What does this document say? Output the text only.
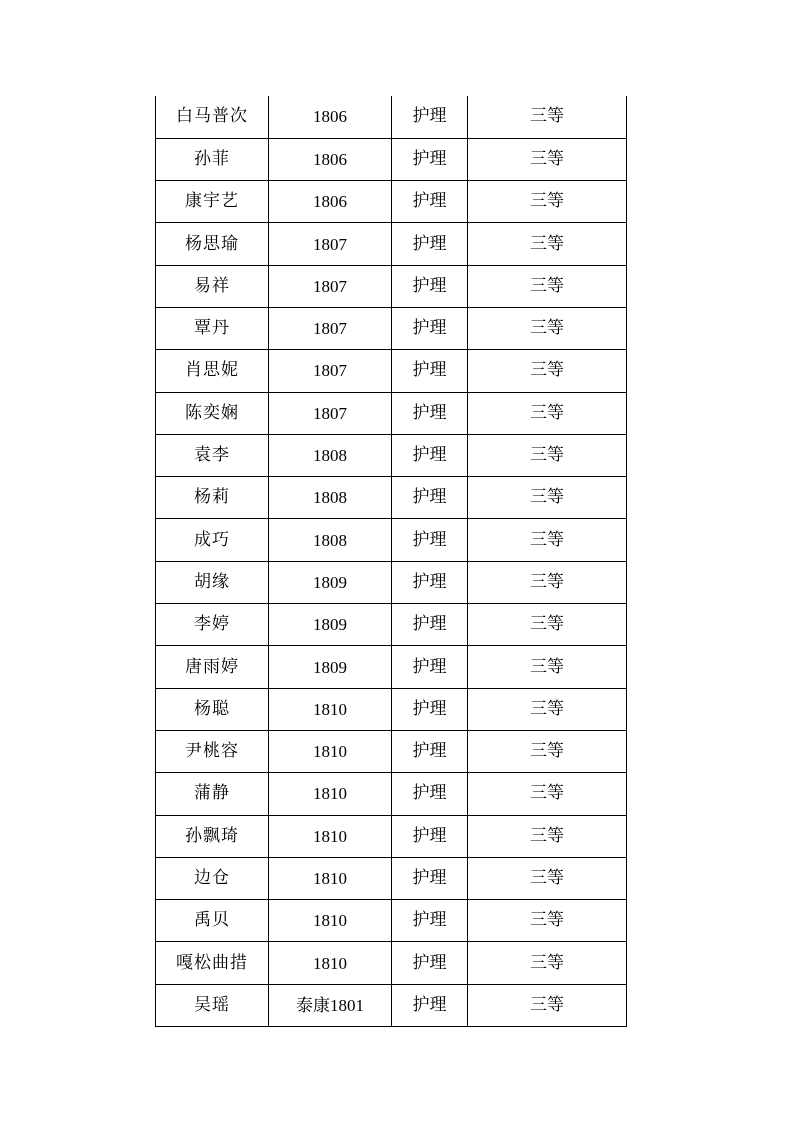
白马普次	1806	护理	三等
孙菲	1806	护理	三等
康宇艺	1806	护理	三等
杨思瑜	1807	护理	三等
易祥	1807	护理	三等
覃丹	1807	护理	三等
肖思妮	1807	护理	三等
陈奕娴	1807	护理	三等
袁李	1808	护理	三等
杨莉	1808	护理	三等
成巧	1808	护理	三等
胡缘	1809	护理	三等
李婷	1809	护理	三等
唐雨婷	1809	护理	三等
杨聪	1810	护理	三等
尹桃容	1810	护理	三等
蒲静	1810	护理	三等
孙飘琦	1810	护理	三等
边仓	1810	护理	三等
禹贝	1810	护理	三等
嘎松曲措	1810	护理	三等
吴瑶	泰康1801	护理	三等
